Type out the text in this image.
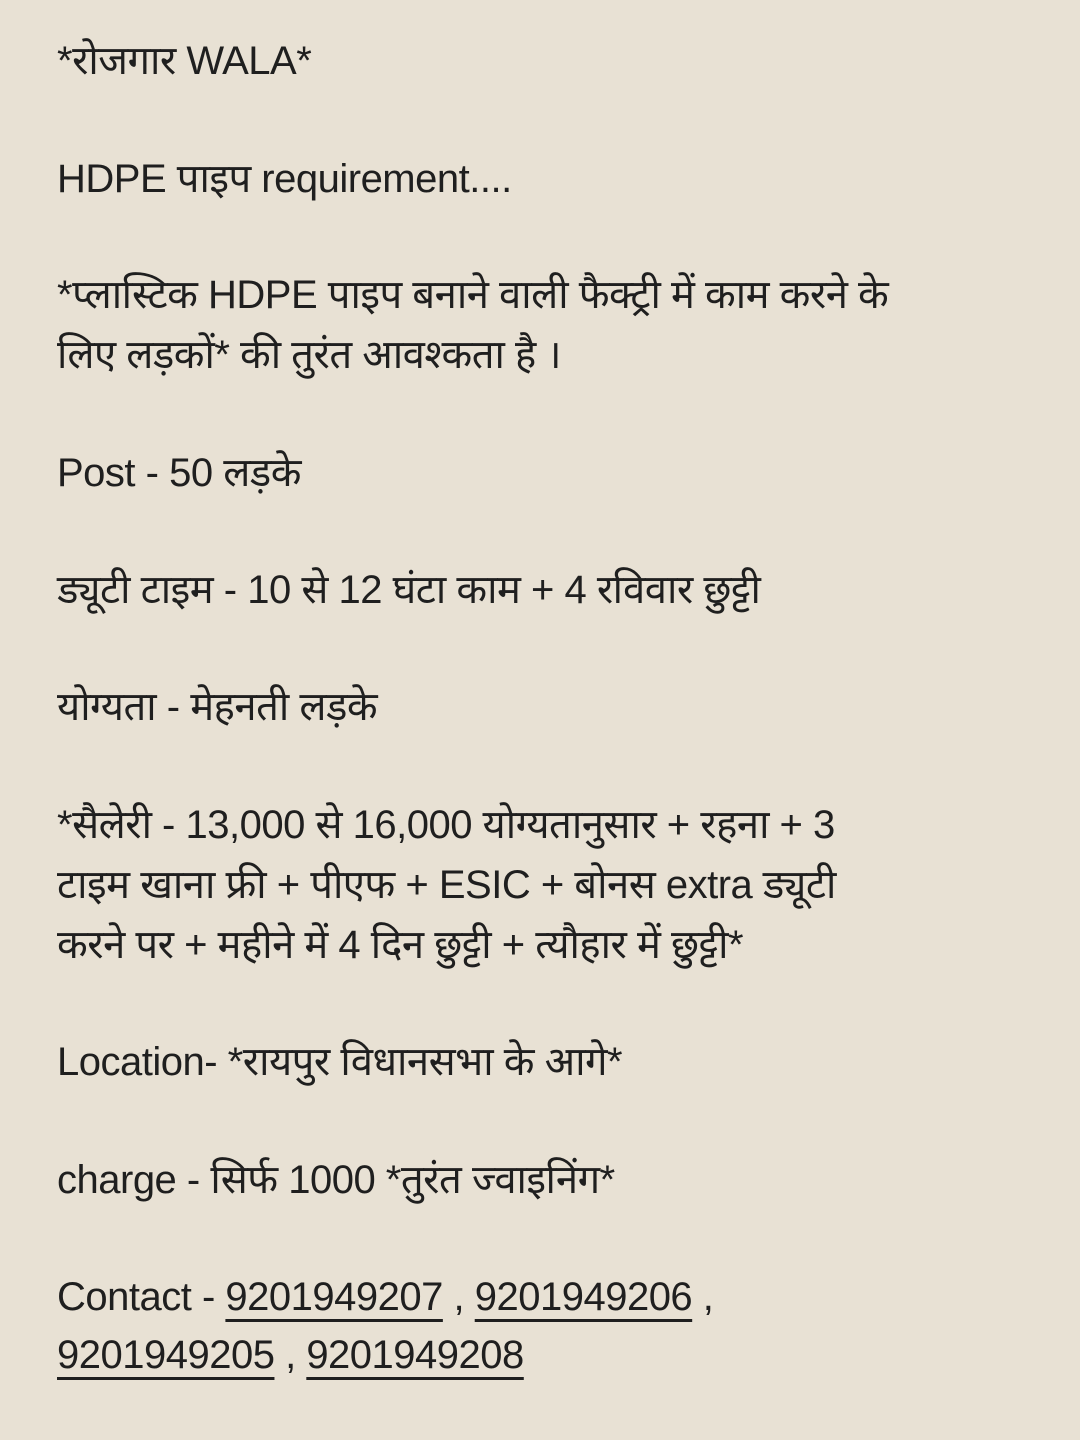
*रोजगार WALA*
HDPE पाइप requirement....
*प्लास्टिक HDPE पाइप बनाने वाली फैक्ट्री में काम करने के
लिए लड़कों* की तुरंत आवश्कता है ।
Post - 50 लड़के
ड्यूटी टाइम - 10 से 12 घंटा काम + 4 रविवार छुट्टी
योग्यता - मेहनती लड़के
*सैलेरी - 13,000 से 16,000 योग्यतानुसार + रहना + 3
टाइम खाना फ्री + पीएफ + ESIC + बोनस extra ड्यूटी
करने पर + महीने में 4 दिन छुट्टी + त्यौहार में छुट्टी*
Location- *रायपुर विधानसभा के आगे*
charge - सिर्फ 1000 *तुरंत ज्वाइनिंग*
Contact - 9201949207 , 9201949206 ,
9201949205 , 9201949208
